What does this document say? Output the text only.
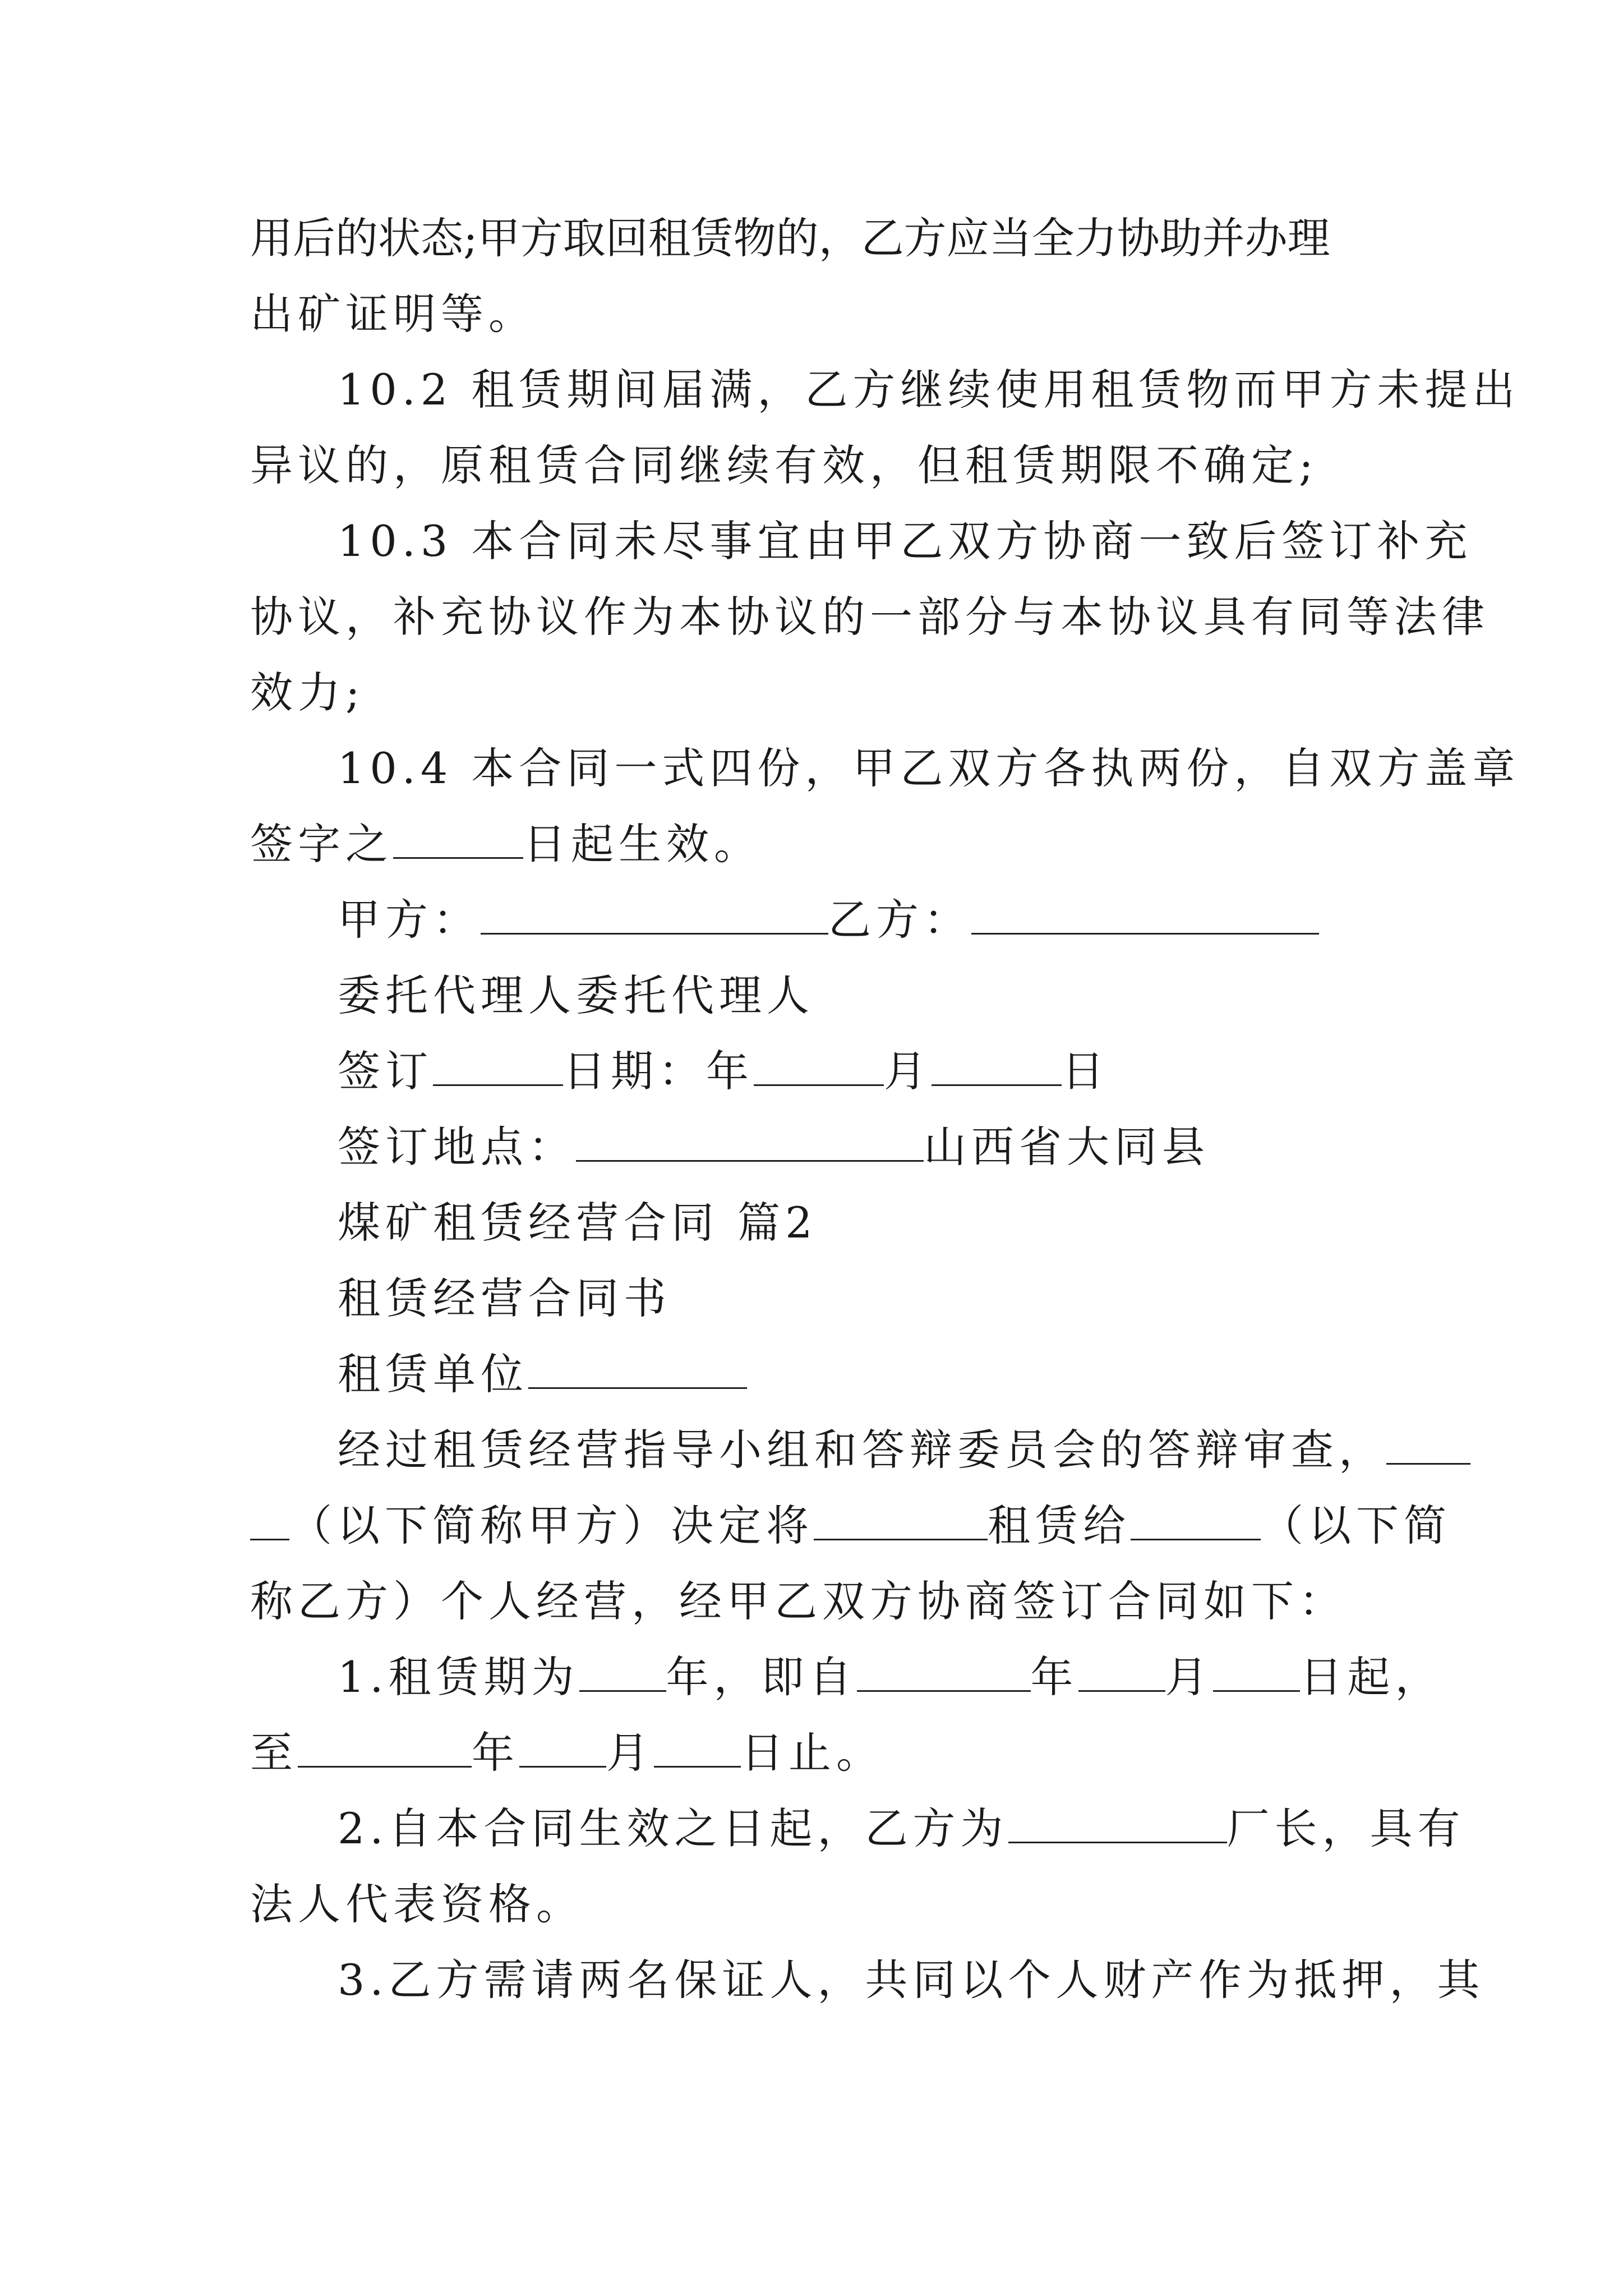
用后的状态;甲方取回租赁物的，乙方应当全力协助并办理
出矿证明等。
10.2 租赁期间届满，乙方继续使用租赁物而甲方未提出
异议的，原租赁合同继续有效，但租赁期限不确定;
10.3 本合同未尽事宜由甲乙双方协商一致后签订补充
协议，补充协议作为本协议的一部分与本协议具有同等法律
效力;
10.4 本合同一式四份，甲乙双方各执两份，自双方盖章
签字之	日起生效。
甲方：	乙方：
委托代理人委托代理人
签订	日期：年	月	日
签订地点：	山西省大同县
煤矿租赁经营合同 篇2
租赁经营合同书
租赁单位
经过租赁经营指导小组和答辩委员会的答辩审查，
（以下简称甲方）决定将	租赁给	（以下简
称乙方）个人经营，经甲乙双方协商签订合同如下：
1.租赁期为 年，即自	年 月 日起，
至	年 月 日止。
2.自本合同生效之日起，乙方为	厂长，具有
法人代表资格。
3.乙方需请两名保证人，共同以个人财产作为抵押，其
